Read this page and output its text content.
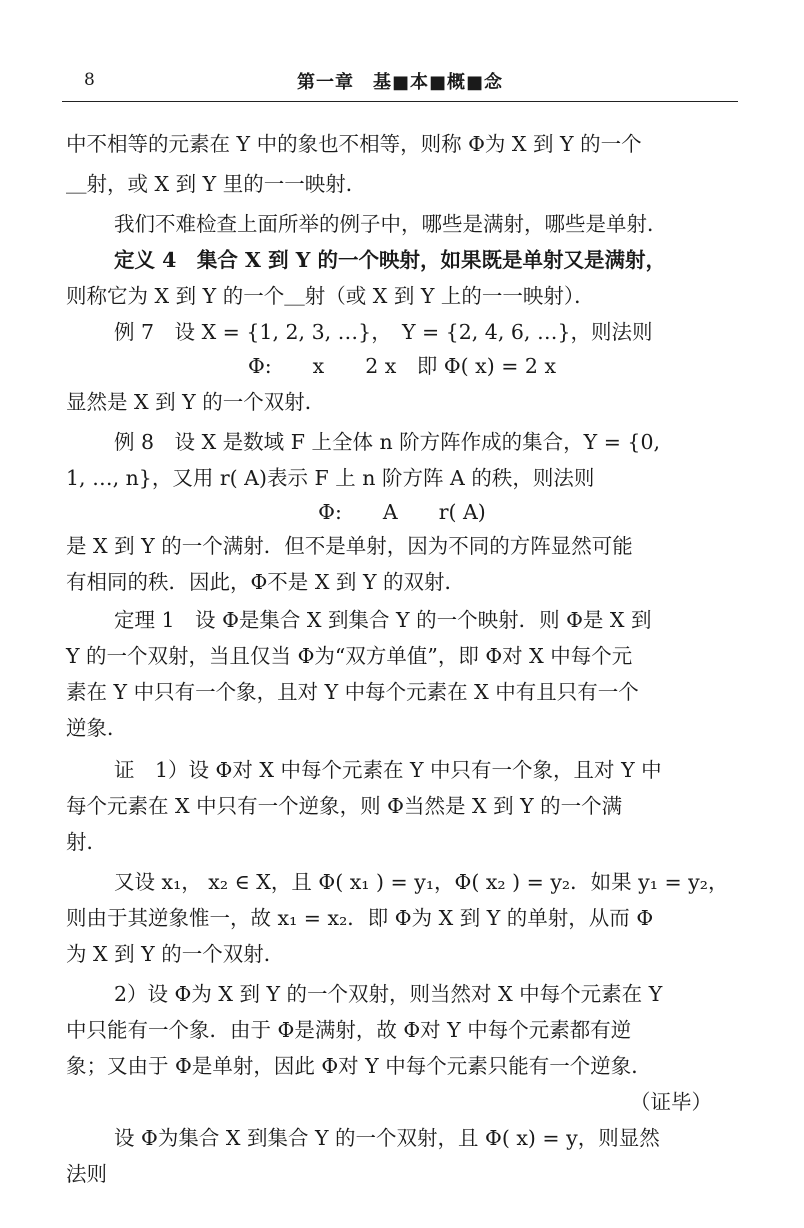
8	第一章　基■本■概■念
中不相等的元素在 Y 中的象也不相等，则称 Φ为 X 到 Y 的一个
＿射，或 X 到 Y 里的一一映射．
我们不难检查上面所举的例子中，哪些是满射，哪些是单射．
定义 4　集合 X 到 Y 的一个映射，如果既是单射又是满射，
则称它为 X 到 Y 的一个＿射（或 X 到 Y 上的一一映射）．
例 7　设 X = {1, 2, 3, …}，　Y = {2, 4, 6, …}，则法则
Φ:　　x　　2 x　即 Φ( x) = 2 x
显然是 X 到 Y 的一个双射．
例 8　设 X 是数域 F 上全体 n 阶方阵作成的集合，Y = {0,
1, …, n}，又用 r( A)表示 F 上 n 阶方阵 A 的秩，则法则
Φ:　　A　　r( A)
是 X 到 Y 的一个满射．但不是单射，因为不同的方阵显然可能
有相同的秩．因此，Φ不是 X 到 Y 的双射．
定理 1　设 Φ是集合 X 到集合 Y 的一个映射．则 Φ是 X 到
Y 的一个双射，当且仅当 Φ为“双方单值”，即 Φ对 X 中每个元
素在 Y 中只有一个象，且对 Y 中每个元素在 X 中有且只有一个
逆象．
证　1）设 Φ对 X 中每个元素在 Y 中只有一个象，且对 Y 中
每个元素在 X 中只有一个逆象，则 Φ当然是 X 到 Y 的一个满
射．
又设 x₁， x₂ ∈ X，且 Φ( x₁ ) = y₁，Φ( x₂ ) = y₂．如果 y₁ = y₂，
则由于其逆象惟一，故 x₁ = x₂．即 Φ为 X 到 Y 的单射，从而 Φ
为 X 到 Y 的一个双射．
2）设 Φ为 X 到 Y 的一个双射，则当然对 X 中每个元素在 Y
中只能有一个象．由于 Φ是满射，故 Φ对 Y 中每个元素都有逆
象；又由于 Φ是单射，因此 Φ对 Y 中每个元素只能有一个逆象．
（证毕）
设 Φ为集合 X 到集合 Y 的一个双射，且 Φ( x) = y，则显然
法则
